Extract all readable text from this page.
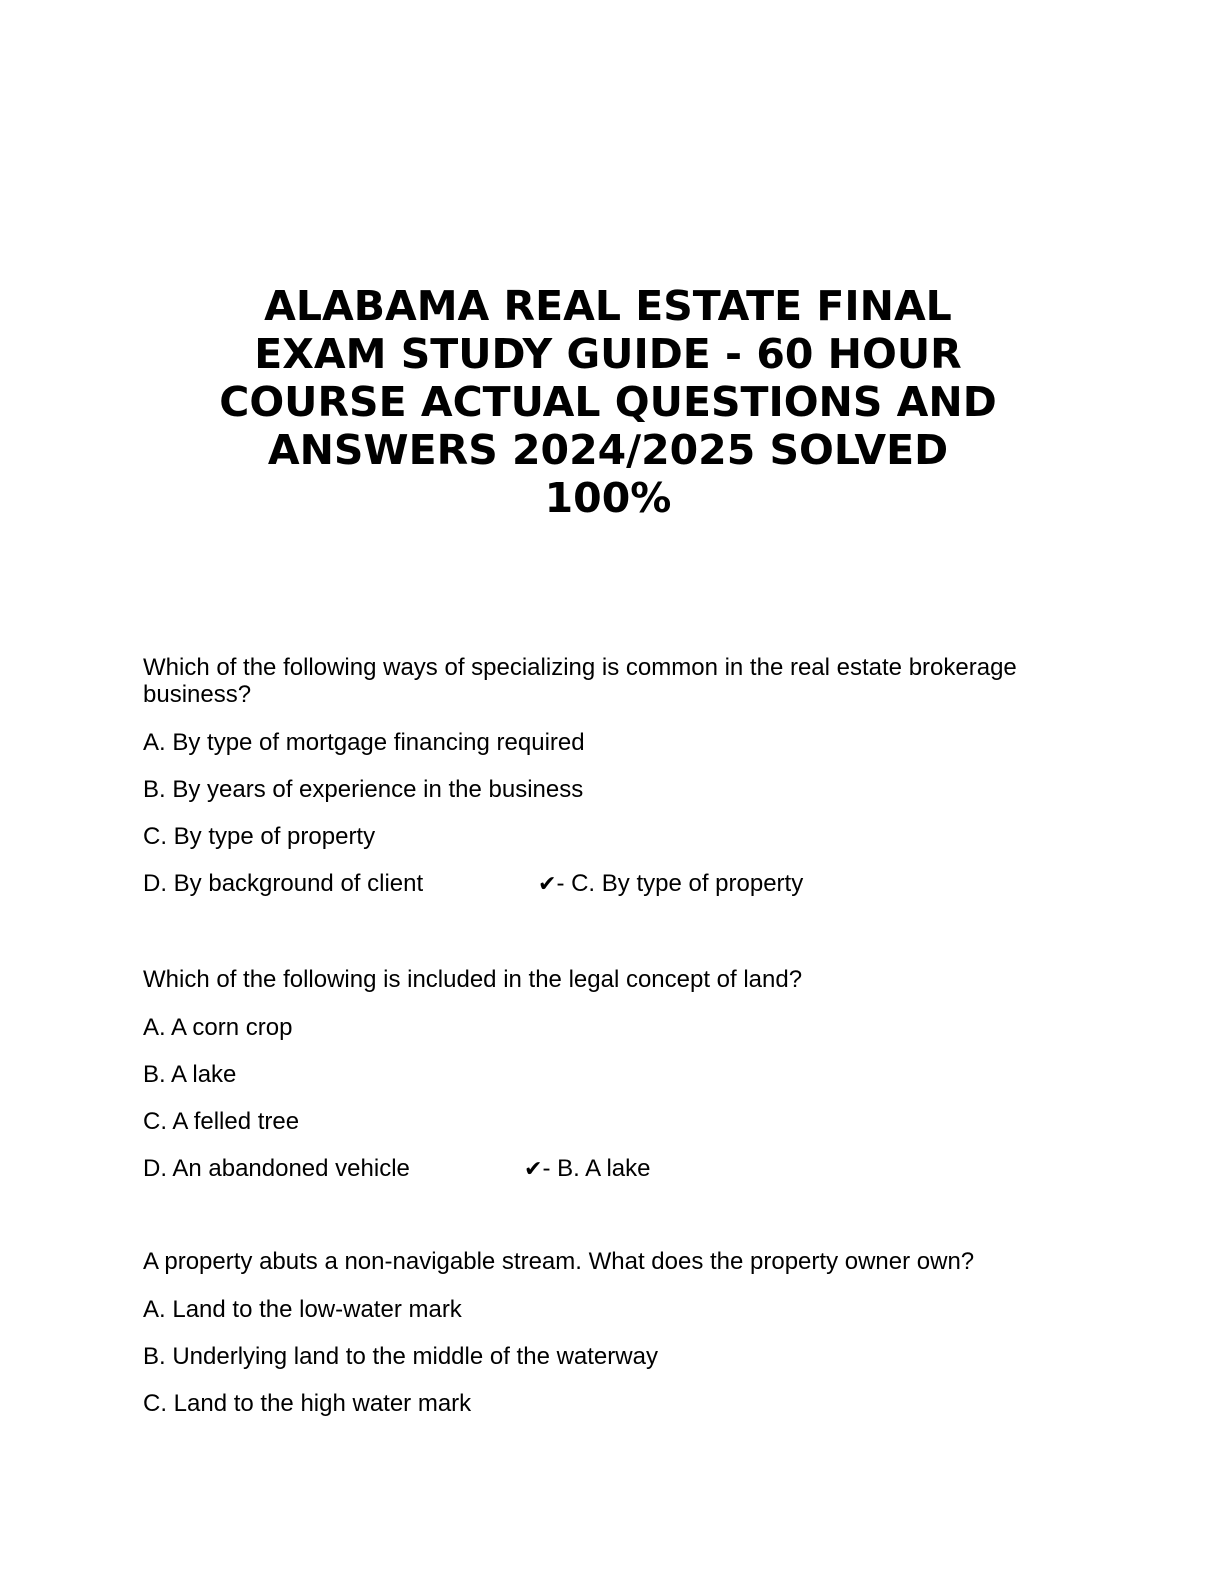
ALABAMA REAL ESTATE FINAL
EXAM STUDY GUIDE - 60 HOUR
COURSE ACTUAL QUESTIONS AND
ANSWERS 2024/2025 SOLVED
100%

Which of the following ways of specializing is common in the real estate brokerage
business?

A. By type of mortgage financing required
B. By years of experience in the business
C. By type of property
D. By background of client	✔- C. By type of property

Which of the following is included in the legal concept of land?

A. A corn crop
B. A lake
C. A felled tree
D. An abandoned vehicle	✔- B. A lake

A property abuts a non-navigable stream. What does the property owner own?

A. Land to the low-water mark
B. Underlying land to the middle of the waterway
C. Land to the high water mark
